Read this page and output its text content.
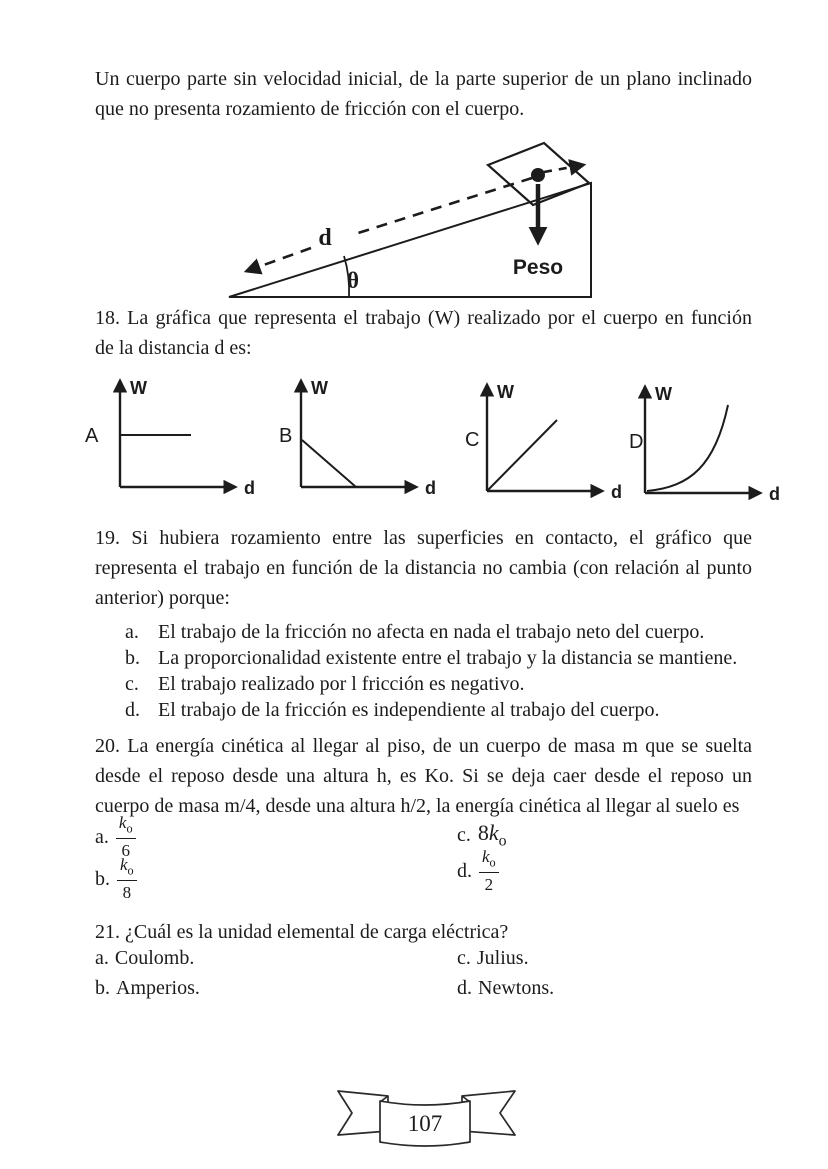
Un cuerpo parte sin velocidad inicial, de la parte superior de un plano inclinado
que no presenta rozamiento de fricción con el cuerpo.
d
θ
Peso
18. La gráfica que representa el trabajo (W) realizado por el cuerpo en función
de la distancia d es:
A
W
d
B
W
d
C
W
d
D
W
d
19. Si hubiera rozamiento entre las superficies en contacto, el gráfico que
representa el trabajo en función de la distancia no cambia (con relación al punto
anterior) porque:
a. El trabajo de la fricción no afecta en nada el trabajo neto del cuerpo.
b. La proporcionalidad existente entre el trabajo y la distancia se mantiene.
c. El trabajo realizado por l fricción es negativo.
d. El trabajo de la fricción es independiente al trabajo del cuerpo.
20. La energía cinética al llegar al piso, de un cuerpo de masa m que se suelta
desde el reposo desde una altura h, es Ko. Si se deja caer desde el reposo un
cuerpo de masa m/4, desde una altura h/2, la energía cinética al llegar al suelo es
a. $\frac{k_o}{6}$
b. $\frac{k_o}{8}$
c. $8k_o$
d. $\frac{k_o}{2}$
21. ¿Cuál es la unidad elemental de carga eléctrica?
a. Coulomb.
b. Amperios.
c. Julius.
d. Newtons.
107
